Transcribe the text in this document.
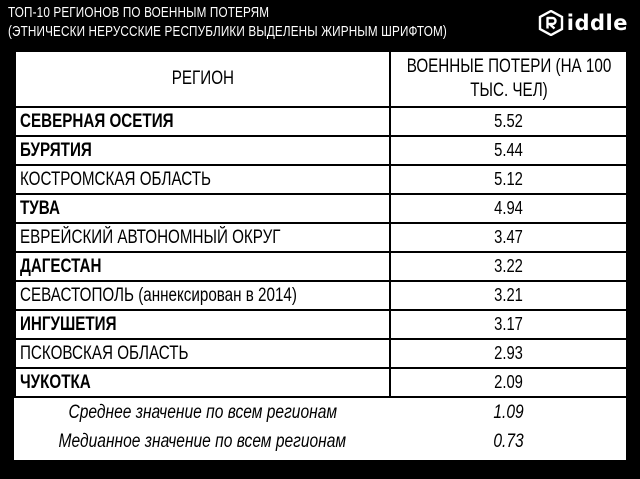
ТОП-10 РЕГИОНОВ ПО ВОЕННЫМ ПОТЕРЯМ
(ЭТНИЧЕСКИ НЕРУССКИЕ РЕСПУБЛИКИ ВЫДЕЛЕНЫ ЖИРНЫМ ШРИФТОМ)	iddle
РЕГИОН	ВОЕННЫЕ ПОТЕРИ (НА 100 ТЫС. ЧЕЛ)
СЕВЕРНАЯ ОСЕТИЯ	5.52
БУРЯТИЯ	5.44
КОСТРОМСКАЯ ОБЛАСТЬ	5.12
ТУВА	4.94
ЕВРЕЙСКИЙ АВТОНОМНЫЙ ОКРУГ	3.47
ДАГЕСТАН	3.22
СЕВАСТОПОЛЬ (аннексирован в 2014)	3.21
ИНГУШЕТИЯ	3.17
ПСКОВСКАЯ ОБЛАСТЬ	2.93
ЧУКОТКА	2.09
Среднее значение по всем регионам	1.09
Медианное значение по всем регионам	0.73
